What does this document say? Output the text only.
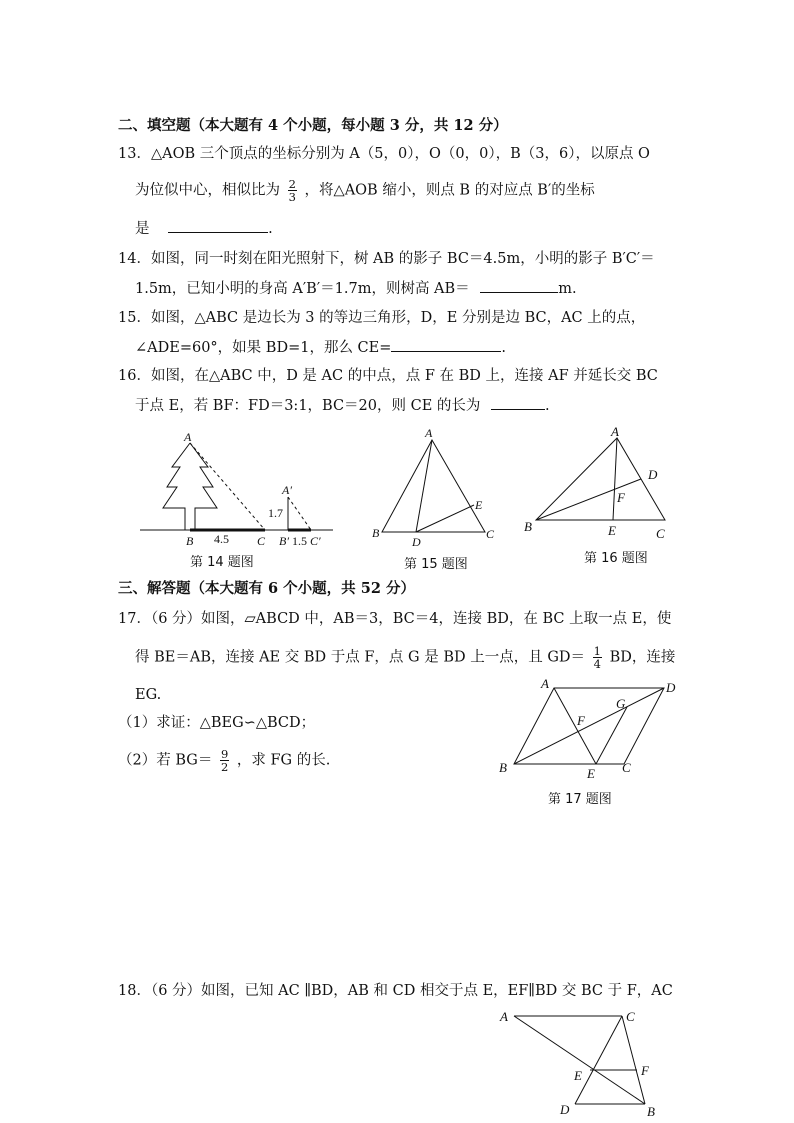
二、填空题（本大题有 4 个小题，每小题 3 分，共 12 分）
13．△AOB 三个顶点的坐标分别为 A（5，0），O（0，0），B（3，6），以原点 O
为位似中心，相似比为 $\frac{2}{3}$ ，将△AOB 缩小，则点 B 的对应点 B′的坐标
是	.
14．如图，同一时刻在阳光照射下，树 AB 的影子 BC＝4.5m，小明的影子 B′C′＝
1.5m，已知小明的身高 A′B′＝1.7m，则树高 AB＝	m.
15．如图，△ABC 是边长为 3 的等边三角形，D，E 分别是边 BC，AC 上的点，
∠ADE=60°，如果 BD=1，那么 CE=	.
16．如图，在△ABC 中，D 是 AC 的中点，点 F 在 BD 上，连接 AF 并延长交 BC
于点 E，若 BF：FD＝3:1，BC＝20，则 CE 的长为	.
A
B 4.5 C
A′
1.7
B′ 1.5 C′
A
B
D
C
E
A
B	E	C
D
F
A	D
B	E C
F
G
A	C
E	F
D	B
第 14 题图	第 15 题图	第 16 题图
三、解答题（本大题有 6 个小题，共 52 分）
17．（6 分）如图，▱ABCD 中，AB＝3，BC＝4，连接 BD，在 BC 上取一点 E，使
得 BE＝AB，连接 AE 交 BD 于点 F，点 G 是 BD 上一点，且 $GD= \frac{1}{4}$ BD，连接
EG.
（1）求证：△BEG∽△BCD；
（2）若 $BG= \frac{9}{2}$ ，求 FG 的长.
第 17 题图
18．（6 分）如图，已知 AC ∥BD，AB 和 CD 相交于点 E，EF∥BD 交 BC 于 F，AC
